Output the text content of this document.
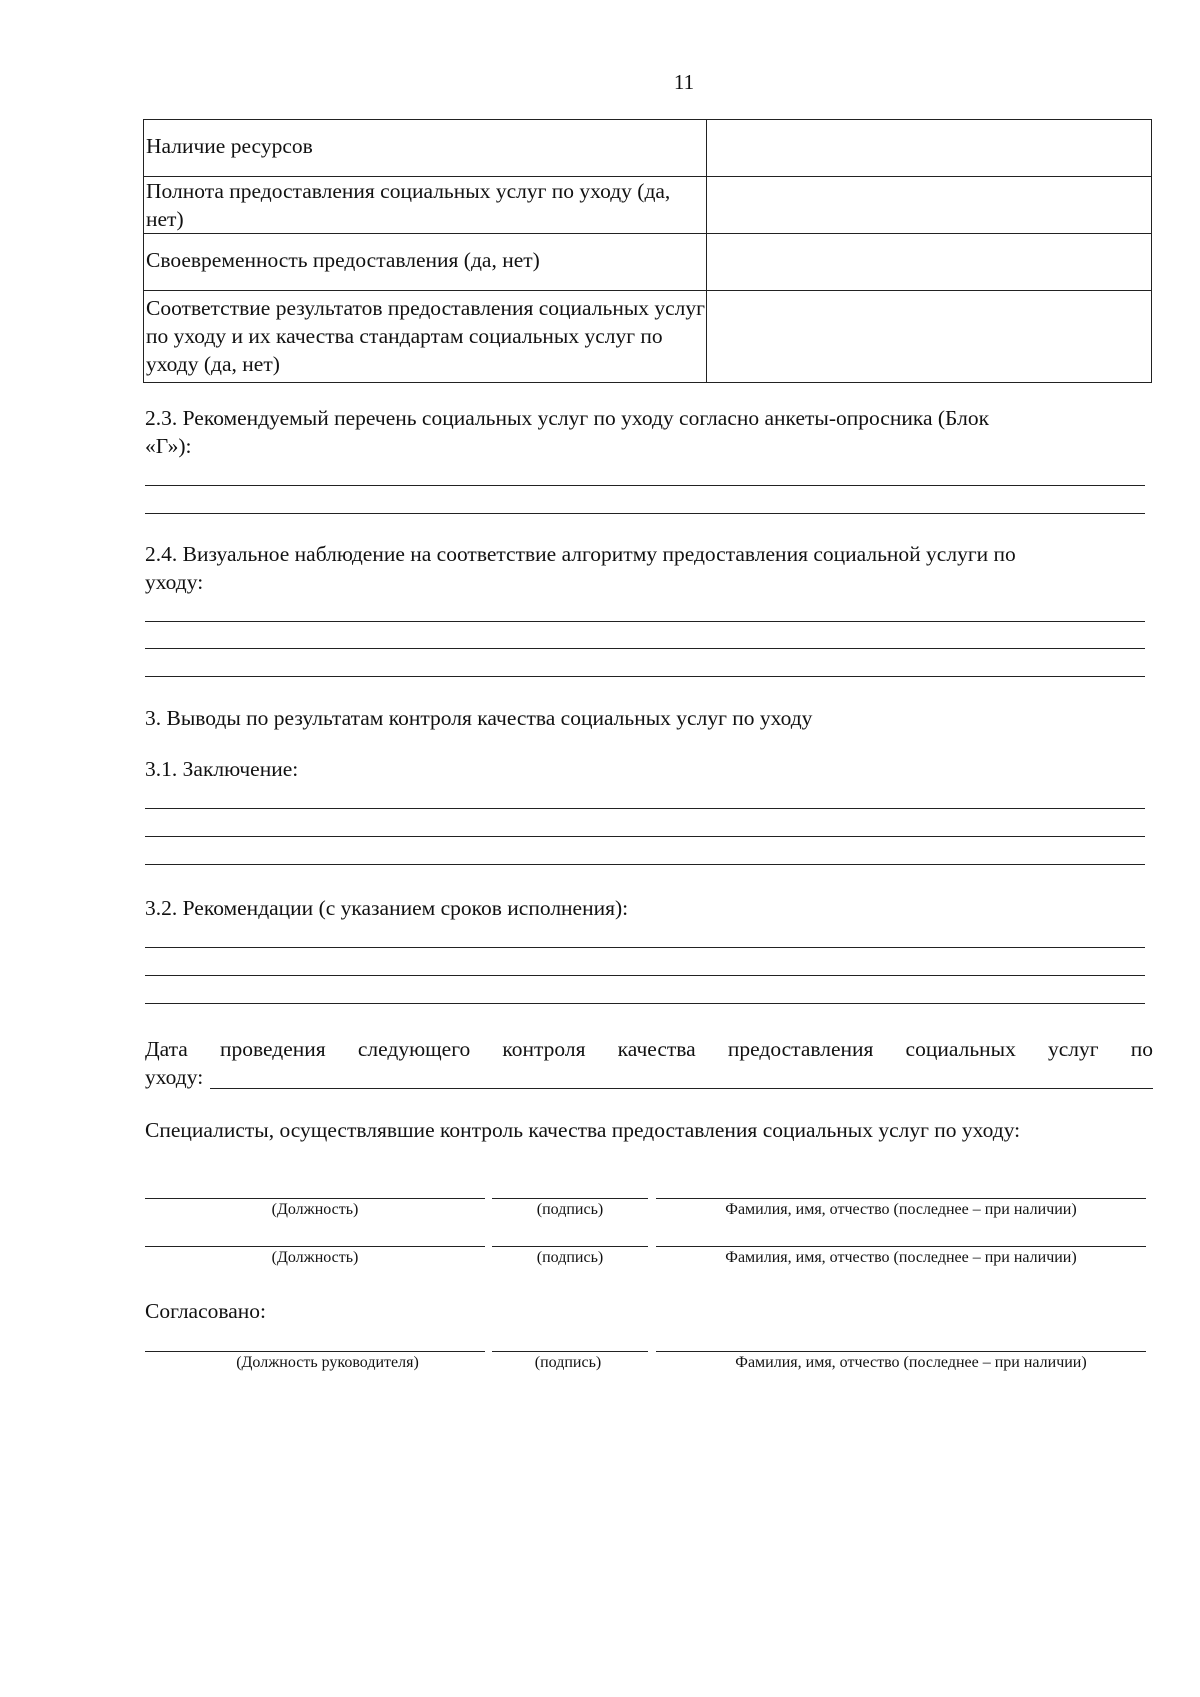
11
Наличие ресурсов	
Полнота предоставления социальных услуг по уходу (да, нет)	
Своевременность предоставления (да, нет)	
Соответствие результатов предоставления социальных услуг по уходу и их качества стандартам социальных услуг по уходу (да, нет)	
2.3. Рекомендуемый перечень социальных услуг по уходу согласно анкеты-опросника (Блок
«Г»):
2.4. Визуальное наблюдение на соответствие алгоритму предоставления социальной услуги по
уходу:
3. Выводы по результатам контроля качества социальных услуг по уходу
3.1. Заключение:
3.2. Рекомендации (с указанием сроков исполнения):
Дата проведения следующего контроля качества предоставления социальных услуг по
уходу:
Специалисты, осуществлявшие контроль качества предоставления социальных услуг по уходу:
(Должность)	(подпись)	Фамилия, имя, отчество (последнее – при наличии)
(Должность)	(подпись)	Фамилия, имя, отчество (последнее – при наличии)
Согласовано:
(Должность руководителя)	(подпись)	Фамилия, имя, отчество (последнее – при наличии)
